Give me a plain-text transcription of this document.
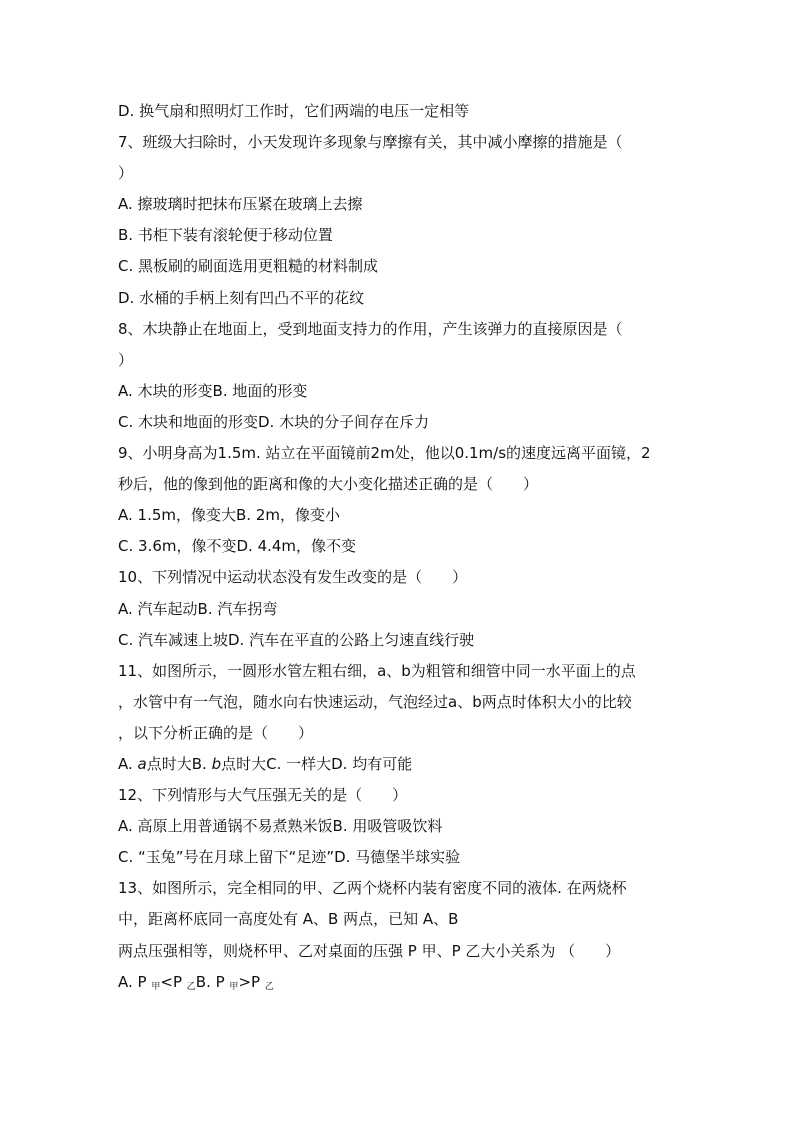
D. 换气扇和照明灯工作时，它们两端的电压一定相等
7、班级大扫除时，小天发现许多现象与摩擦有关，其中减小摩擦的措施是（
）
A. 擦玻璃时把抹布压紧在玻璃上去擦
B. 书柜下装有滚轮便于移动位置
C. 黑板刷的刷面选用更粗糙的材料制成
D. 水桶的手柄上刻有凹凸不平的花纹
8、木块静止在地面上，受到地面支持力的作用，产生该弹力的直接原因是（
）
A. 木块的形变B. 地面的形变
C. 木块和地面的形变D. 木块的分子间存在斥力
9、小明身高为1.5m. 站立在平面镜前2m处，他以0.1m/s的速度远离平面镜，2
秒后，他的像到他的距离和像的大小变化描述正确的是（　　）
A. 1.5m，像变大B. 2m，像变小
C. 3.6m，像不变D. 4.4m，像不变
10、下列情况中运动状态没有发生改变的是（　　）
A. 汽车起动B. 汽车拐弯
C. 汽车减速上坡D. 汽车在平直的公路上匀速直线行驶
11、如图所示，一圆形水管左粗右细，a、b为粗管和细管中同一水平面上的点
，水管中有一气泡，随水向右快速运动，气泡经过a、b两点时体积大小的比较
，以下分析正确的是（　　）
A. a点时大B. b点时大C. 一样大D. 均有可能
12、下列情形与大气压强无关的是（　　）
A. 高原上用普通锅不易煮熟米饭B. 用吸管吸饮料
C. “玉兔”号在月球上留下“足迹”D. 马德堡半球实验
13、如图所示，完全相同的甲、乙两个烧杯内装有密度不同的液体. 在两烧杯
中，距离杯底同一高度处有 A、B 两点，已知 A、B
两点压强相等，则烧杯甲、乙对桌面的压强 P 甲、P 乙大小关系为 （　　）
A. P $_甲$<P $_乙$B. P $_甲$>P $_乙$
